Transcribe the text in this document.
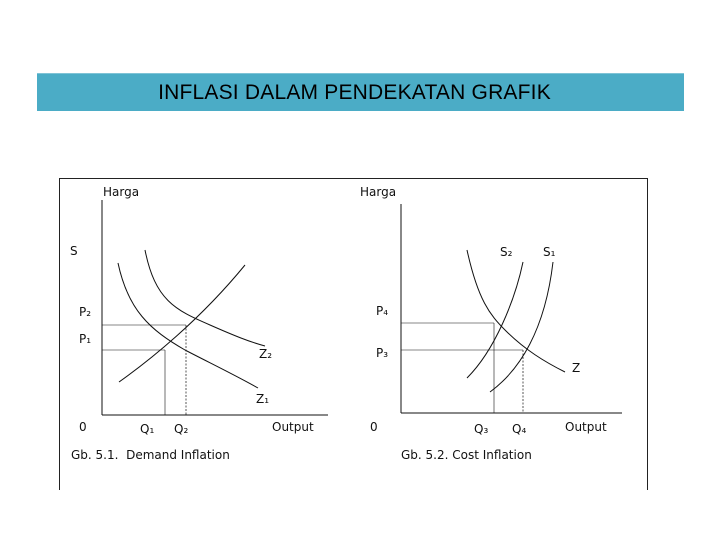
INFLASI DALAM PENDEKATAN GRAFIK
Harga
S
P₂
P₁
Z₂
Z₁
0	Q₁ Q₂	Output
Gb. 5.1.  Demand Inflation
Harga
S₂	S₁
P₄
P₃
Z
0	Q₃ Q₄	Output
Gb. 5.2. Cost Inflation
